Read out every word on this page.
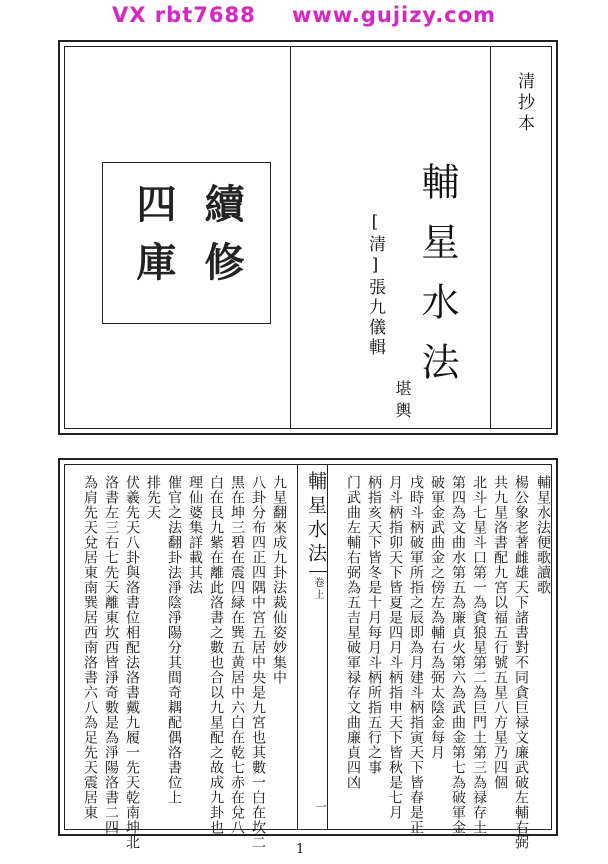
VX rbt7688 www.gujizy.com
清抄本
輔星水法
[清]張九儀輯
堪輿
續修
四庫
輔星水法
卷上
一
輔星水法便歌讀歌
楊公象老著雌雄天下諸書對不同貪巨禄文廉武破左輔右弼
共九星洛書配九宮以福五行號五星八方星乃四個
北斗七星斗口第一為貪狼星第二為巨門土第三為禄存土
第四為文曲水第五為廉貞火第六為武曲金第七為破軍金
破軍金武曲金之傍左為輔右為弼太陰金每月
戌時斗柄破軍所指之辰即為月建斗柄指寅天下皆春是正
月斗柄指卯天下皆夏是四月斗柄指申天下皆秋是七月
柄指亥天下皆冬是十月每月斗柄所指五行之事
门武曲左輔右弼為五吉星破軍禄存文曲廉貞四凶
九星翻來成九卦法裁仙姿妙集中
八卦分布四正四隅中宮五居中央是九宮也其數一白在坎二
黒在坤三碧在震四緑在巽五黄居中六白在乾七赤在兌八
白在艮九紫在離此洛書之數也合以九星配之故成九卦也
理仙婆集詳載其法
催官之法翻卦法淨陰淨陽分其間奇耦配偶洛書位上
排先天
伏羲先天八卦與洛書位相配法洛書戴九履一先天乾南坤北
洛書左三右七先天離東坎西皆淨奇數是為淨陽洛書二四
為肩先天兌居東南巽居西南洛書六八為足先天震居東
1
